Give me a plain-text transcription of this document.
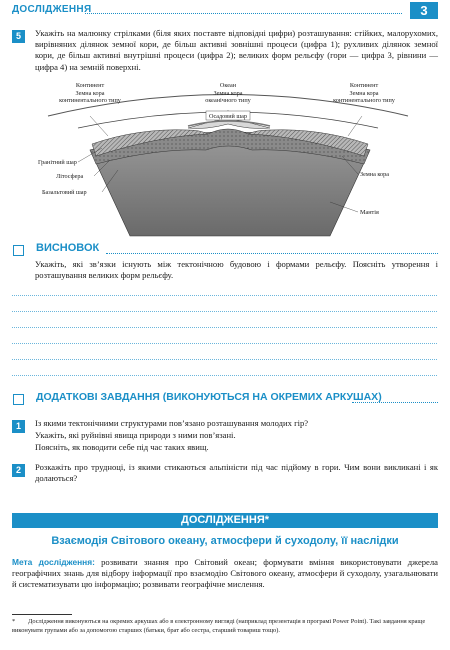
ДОСЛІДЖЕННЯ	3
5	Укажіть на малюнку стрілками (біля яких поставте відповідні цифри) розташування: стійких, малорухомих, вирівняних ділянок земної кори, де більш активні зовнішні процеси (цифра 1); рухливих ділянок земної кори, де більш активні внутрішні процеси (цифра 2); великих форм рельєфу (гори — цифра 3, рівнини — цифра 4) на земній поверхні.
Континент
Земна кора
континентального типу
Океан
Земна кора
океанічного типу
Континент
Земна кора
континентального типу
Осадовий шар
Гранітний шар
Літосфера
Базальтовий шар
Земна кора
Мантія
ВИСНОВОК
Укажіть, які зв’язки існують між тектонічною будовою і формами рельєфу. Поясніть утворення і розташування великих форм рельєфу.
ДОДАТКОВІ ЗАВДАННЯ (ВИКОНУЮТЬСЯ НА ОКРЕМИХ АРКУШАХ)
1	Із якими тектонічними структурами пов’язано розташування молодих гір?
Укажіть, які руйнівні явища природи з ними пов’язані.
Поясніть, як поводити себе під час таких явищ.
2	Розкажіть про трудноці, із якими стикаються альпіністи під час підйому в гори. Чим вони викликані і як долаються?
ДОСЛІДЖЕННЯ*
Взаємодія Світового океану, атмосфери й суходолу, її наслідки
Мета дослідження: розвивати знання про Світовий океан; формувати вміння використовувати джерела географічних знань для відбору інформації про взаємодію Світового океану, атмосфери й суходолу, узагальнювати й систематизувати цю інформацію; розвивати географічне мислення.
* Дослідження виконуються на окремих аркушах або в електронному вигляді (наприклад презентація в програмі Power Point). Такі завдання краще виконувати групами або за допомогою старших (батьки, брат або сестра, старший товариш тощо).
